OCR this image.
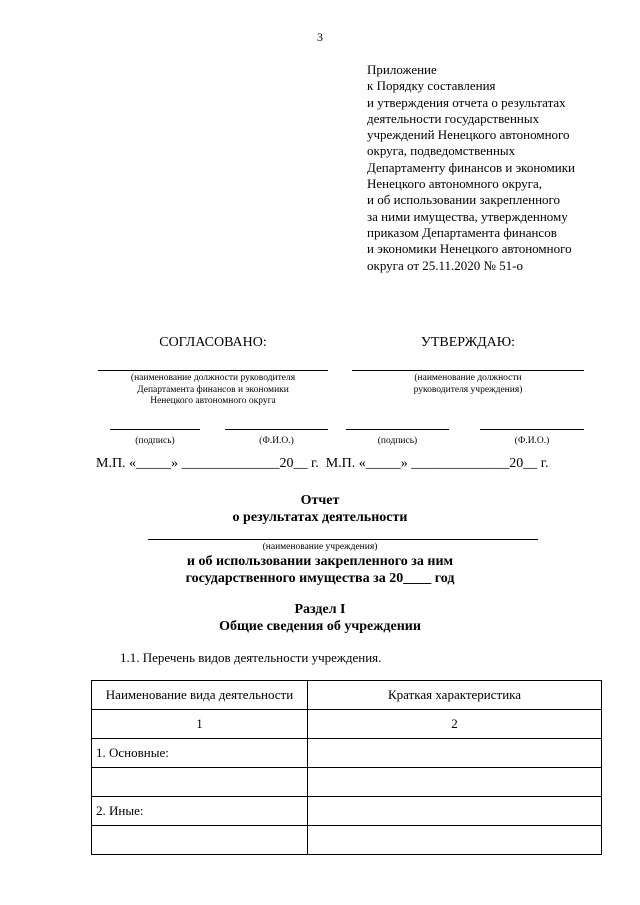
3
Приложение
к Порядку составления
и утверждения отчета о результатах
деятельности государственных
учреждений Ненецкого автономного
округа, подведомственных
Департаменту финансов и экономики
Ненецкого автономного округа,
и об использовании закрепленного
за ними имущества, утвержденному
приказом Департамента финансов
и экономики Ненецкого автономного
округа от 25.11.2020 № 51-о
СОГЛАСОВАНО:	УТВЕРЖДАЮ:
(наименование должности руководителя
Департамента финансов и экономики
Ненецкого автономного округа
(наименование должности
руководителя учреждения)
(подпись)	(Ф.И.О.)	(подпись)	(Ф.И.О.)
М.П. «_____» ______________20__ г.  М.П. «_____» ______________20__ г.
Отчет
о результатах деятельности
(наименование учреждения)
и об использовании закрепленного за ним
государственного имущества за 20____ год
Раздел I
Общие сведения об учреждении
1.1. Перечень видов деятельности учреждения.
Наименование вида деятельности	Краткая характеристика
1	2
1. Основные:	

2. Иные:	
